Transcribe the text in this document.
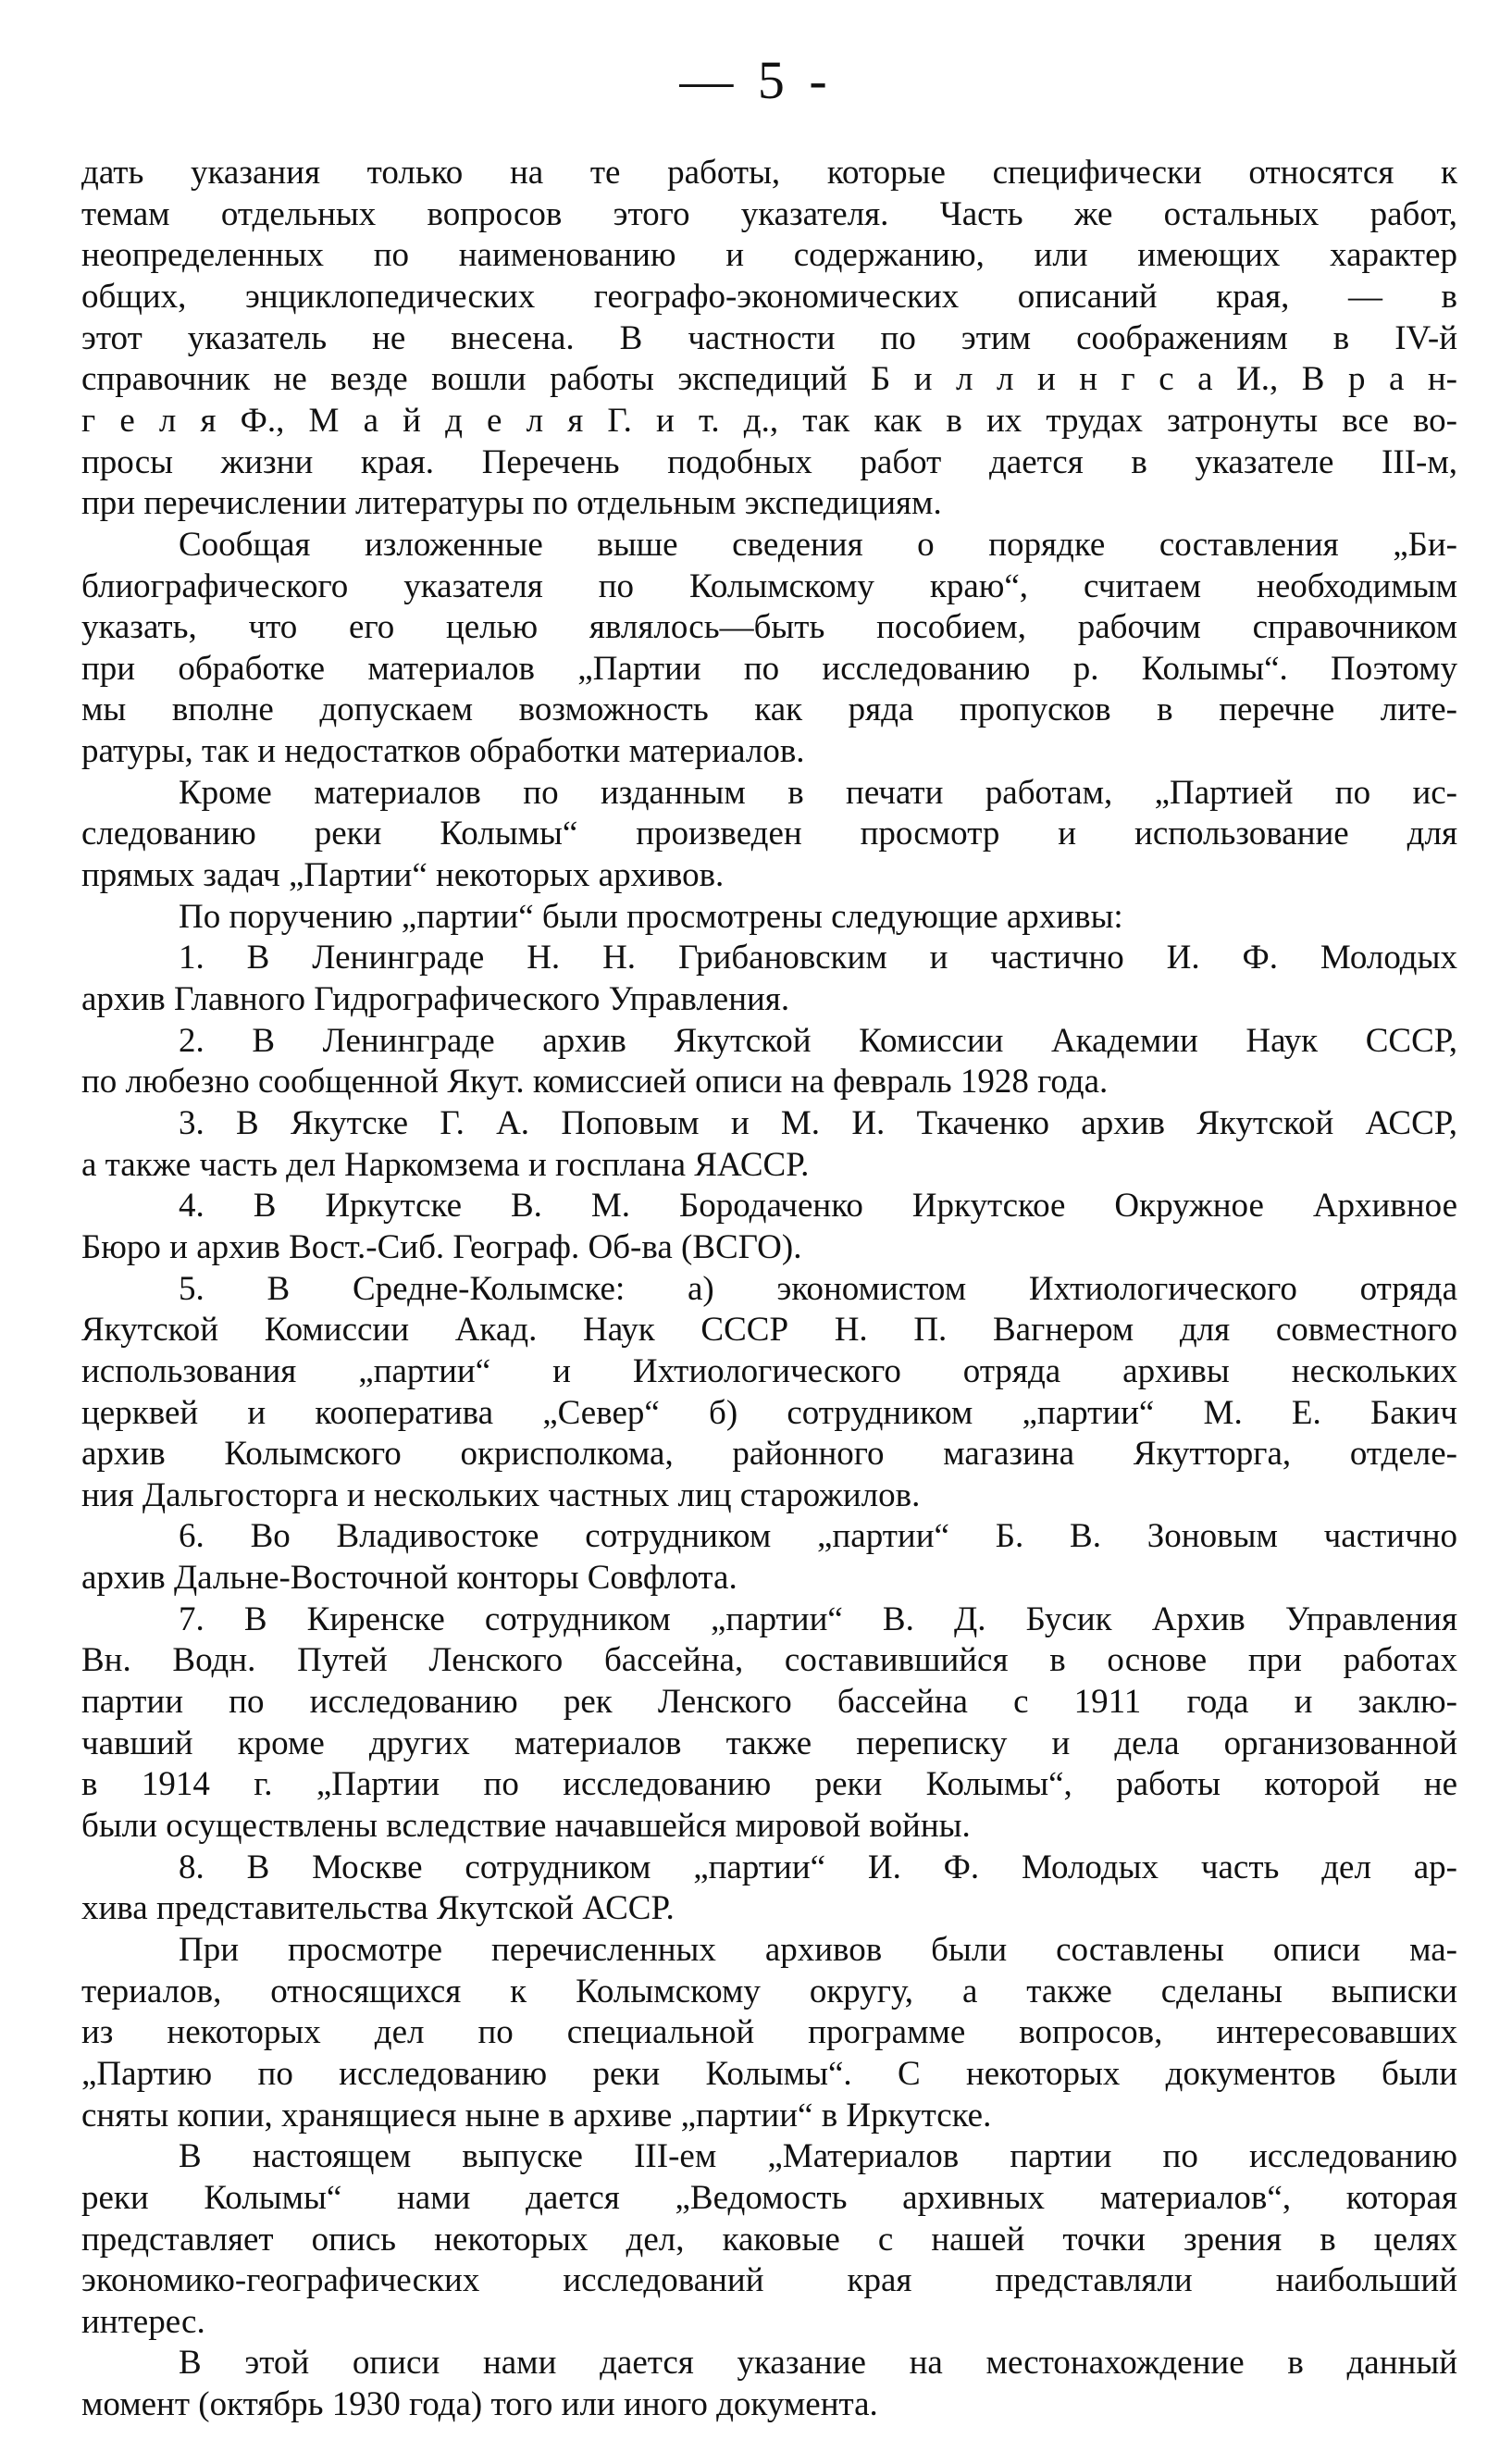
— 5 -
дать указания только на те работы, которые специфически относятся к
темам отдельных вопросов этого указателя. Часть же остальных работ,
неопределенных по наименованию и содержанию, или имеющих характер
общих, энциклопедических географо-экономических описаний края, — в
этот указатель не внесена. В частности по этим соображениям в IV-й
справочник не везде вошли работы экспедиций Б и л л и н г с а И., В р а н-
г е л я Ф., М а й д е л я Г. и т. д., так как в их трудах затронуты все во-
просы жизни края. Перечень подобных работ дается в указателе III-м,
при перечислении литературы по отдельным экспедициям.
Сообщая изложенные выше сведения о порядке составления „Би-
блиографического указателя по Колымскому краю“, считаем необходимым
указать, что его целью являлось—быть пособием, рабочим справочником
при обработке материалов „Партии по исследованию р. Колымы“. Поэтому
мы вполне допускаем возможность как ряда пропусков в перечне лите-
ратуры, так и недостатков обработки материалов.
Кроме материалов по изданным в печати работам, „Партией по ис-
следованию реки Колымы“ произведен просмотр и использование для
прямых задач „Партии“ некоторых архивов.
По поручению „партии“ были просмотрены следующие архивы:
1. В Ленинграде Н. Н. Грибановским и частично И. Ф. Молодых
архив Главного Гидрографического Управления.
2. В Ленинграде архив Якутской Комиссии Академии Наук СССР,
по любезно сообщенной Якут. комиссией описи на февраль 1928 года.
3. В Якутске Г. А. Поповым и М. И. Ткаченко архив Якутской АССР,
а также часть дел Наркомзема и госплана ЯАССР.
4. В Иркутске В. М. Бородаченко Иркутское Окружное Архивное
Бюро и архив Вост.-Сиб. Географ. Об-ва (ВСГО).
5. В Средне-Колымске: а) экономистом Ихтиологического отряда
Якутской Комиссии Акад. Наук СССР Н. П. Вагнером для совместного
использования „партии“ и Ихтиологического отряда архивы нескольких
церквей и кооператива „Север“ б) сотрудником „партии“ М. Е. Бакич
архив Колымского окрисполкома, районного магазина Якутторга, отделе-
ния Дальгосторга и нескольких частных лиц старожилов.
6. Во Владивостоке сотрудником „партии“ Б. В. Зоновым частично
архив Дальне-Восточной конторы Совфлота.
7. В Киренске сотрудником „партии“ В. Д. Бусик Архив Управления
Вн. Водн. Путей Ленского бассейна, составившийся в основе при работах
партии по исследованию рек Ленского бассейна с 1911 года и заклю-
чавший кроме других материалов также переписку и дела организованной
в 1914 г. „Партии по исследованию реки Колымы“, работы которой не
были осуществлены вследствие начавшейся мировой войны.
8. В Москве сотрудником „партии“ И. Ф. Молодых часть дел ар-
хива представительства Якутской АССР.
При просмотре перечисленных архивов были составлены описи ма-
териалов, относящихся к Колымскому округу, а также сделаны выписки
из некоторых дел по специальной программе вопросов, интересовавших
„Партию по исследованию реки Колымы“. С некоторых документов были
сняты копии, хранящиеся ныне в архиве „партии“ в Иркутске.
В настоящем выпуске III-ем „Материалов партии по исследованию
реки Колымы“ нами дается „Ведомость архивных материалов“, которая
представляет опись некоторых дел, каковые с нашей точки зрения в целях
экономико-географических исследований края представляли наибольший
интерес.
В этой описи нами дается указание на местонахождение в данный
момент (октябрь 1930 года) того или иного документа.
